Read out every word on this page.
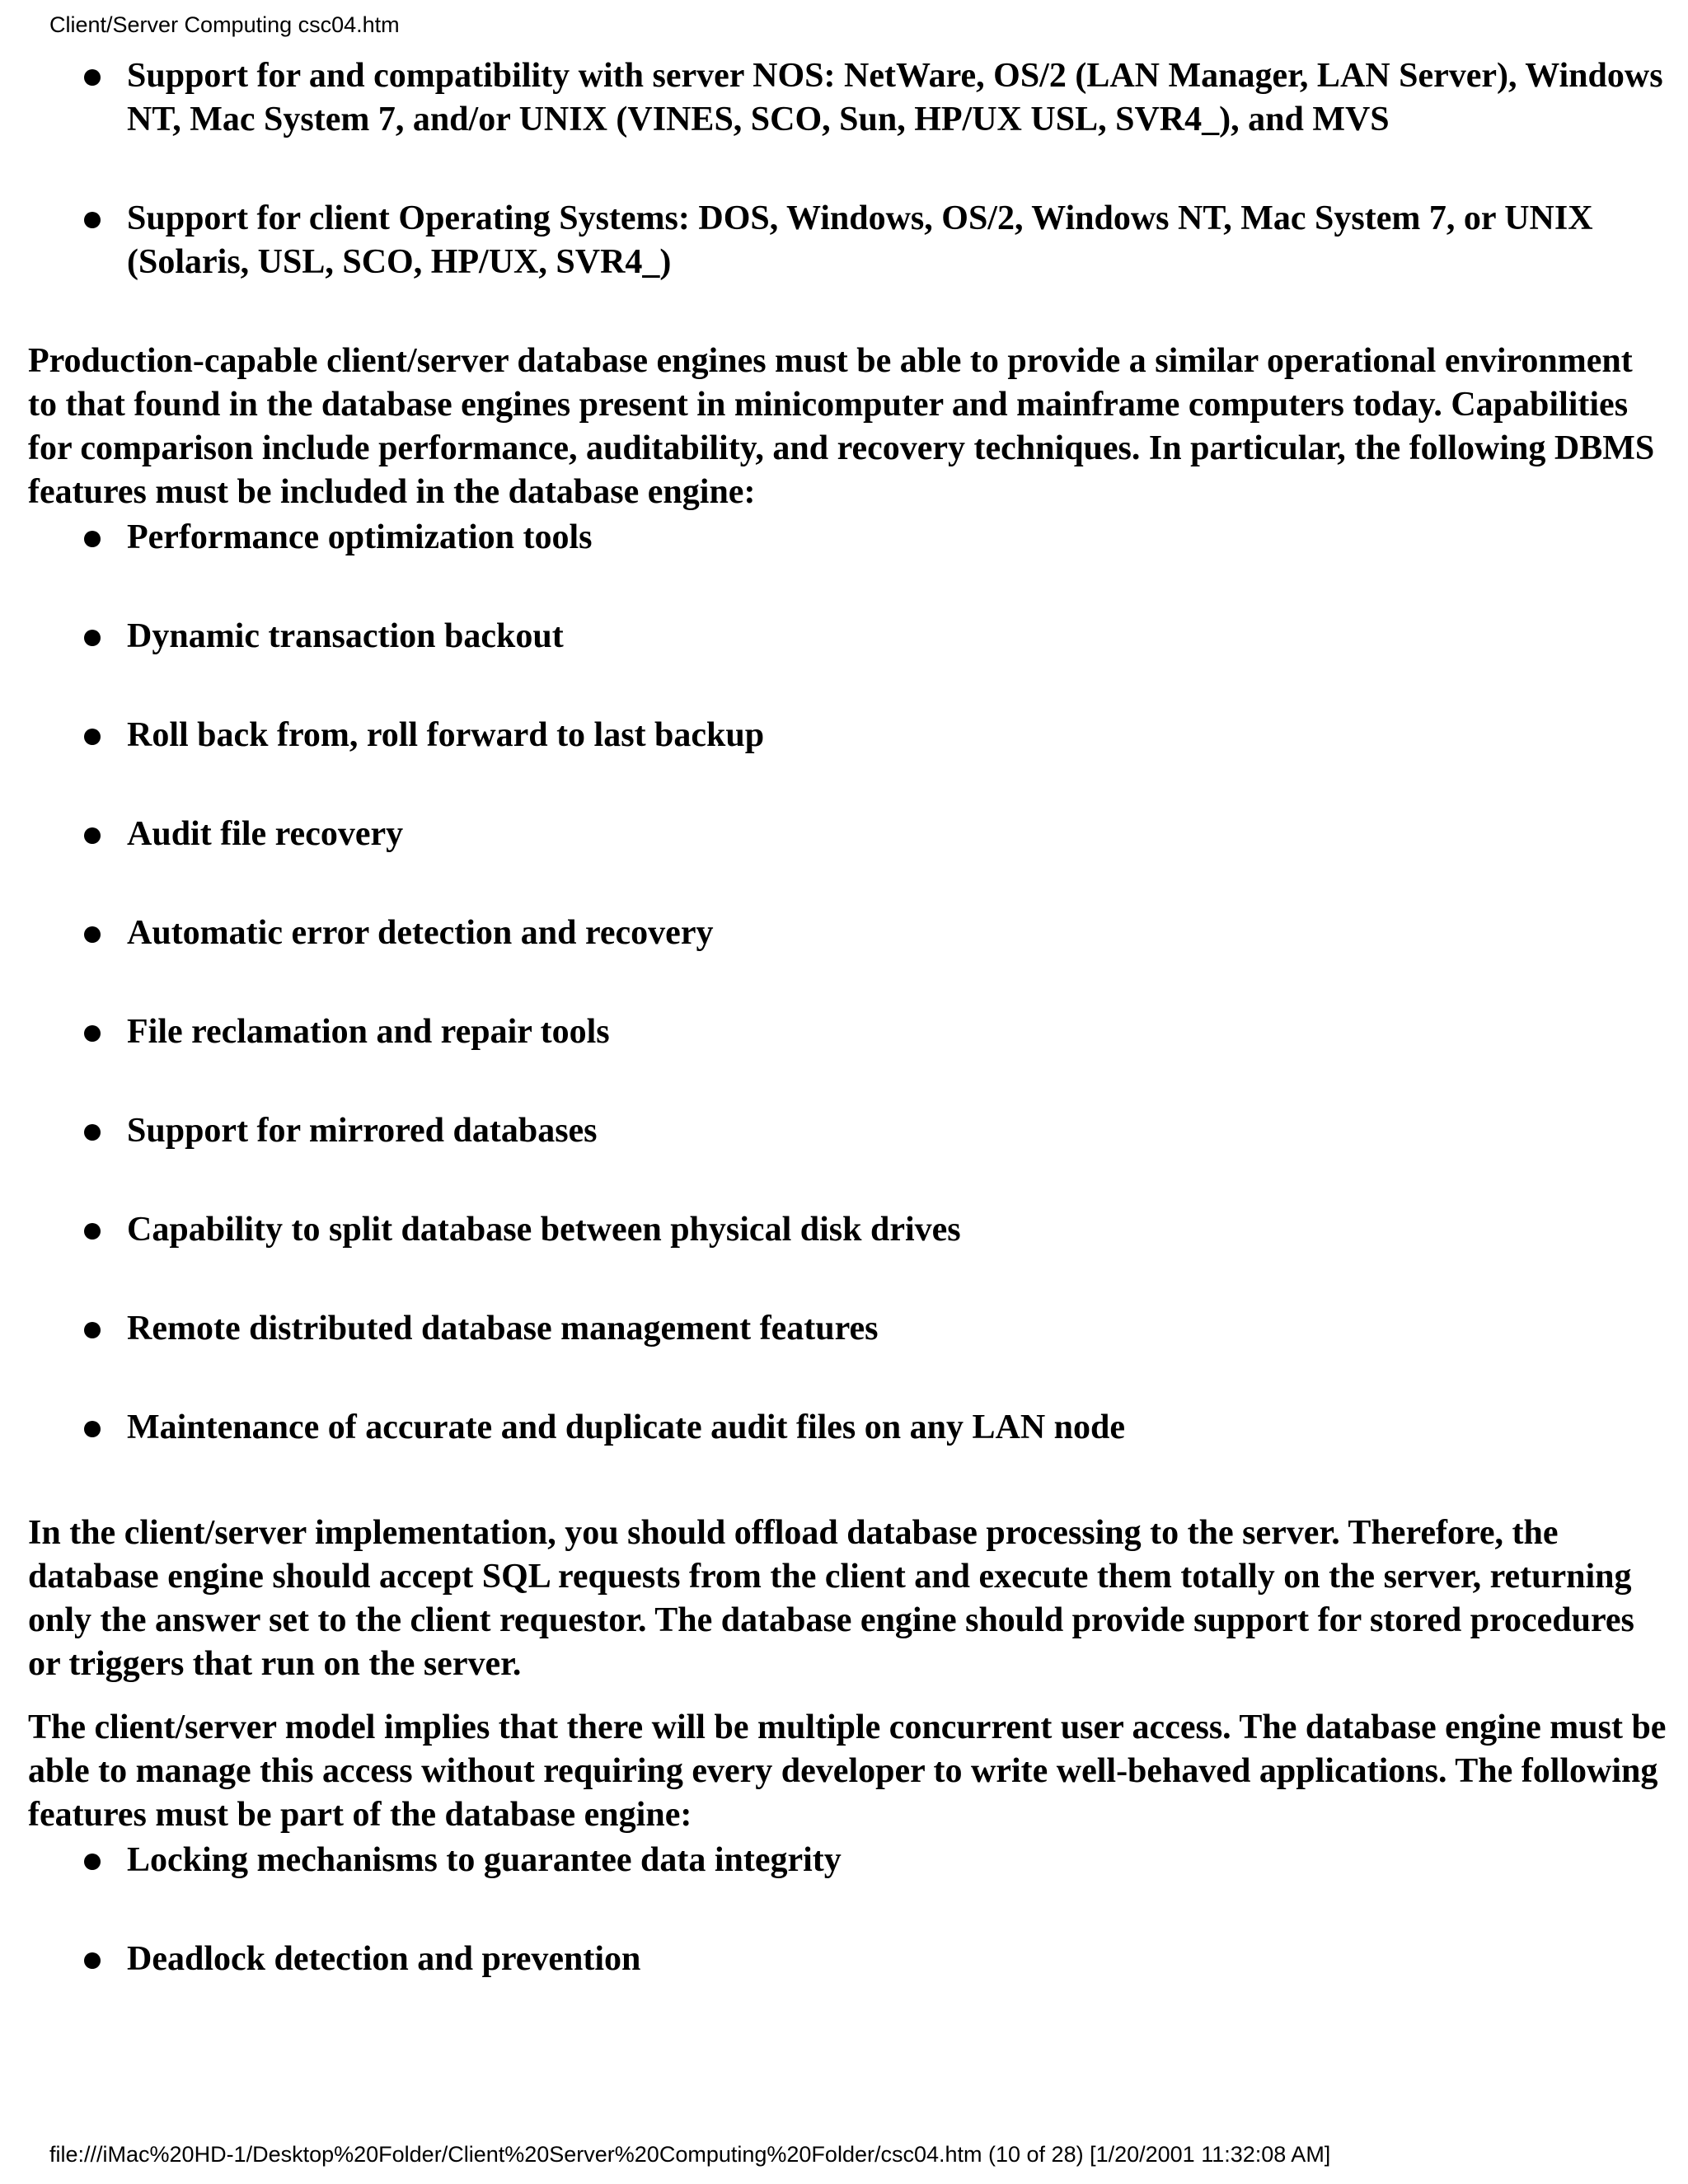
Client/Server Computing csc04.htm
Support for and compatibility with server NOS: NetWare, OS/2 (LAN Manager, LAN Server), Windows NT, Mac System 7, and/or UNIX (VINES, SCO, Sun, HP/UX USL, SVR4_), and MVS
Support for client Operating Systems: DOS, Windows, OS/2, Windows NT, Mac System 7, or UNIX (Solaris, USL, SCO, HP/UX, SVR4_)

Production-capable client/server database engines must be able to provide a similar operational environment to that found in the database engines present in minicomputer and mainframe computers today. Capabilities for comparison include performance, auditability, and recovery techniques. In particular, the following DBMS features must be included in the database engine:

Performance optimization tools
Dynamic transaction backout
Roll back from, roll forward to last backup
Audit file recovery
Automatic error detection and recovery
File reclamation and repair tools
Support for mirrored databases
Capability to split database between physical disk drives
Remote distributed database management features
Maintenance of accurate and duplicate audit files on any LAN node

In the client/server implementation, you should offload database processing to the server. Therefore, the database engine should accept SQL requests from the client and execute them totally on the server, returning only the answer set to the client requestor. The database engine should provide support for stored procedures or triggers that run on the server.

The client/server model implies that there will be multiple concurrent user access. The database engine must be able to manage this access without requiring every developer to write well-behaved applications. The following features must be part of the database engine:

Locking mechanisms to guarantee data integrity
Deadlock detection and prevention
file:///iMac%20HD-1/Desktop%20Folder/Client%20Server%20Computing%20Folder/csc04.htm (10 of 28) [1/20/2001 11:32:08 AM]
